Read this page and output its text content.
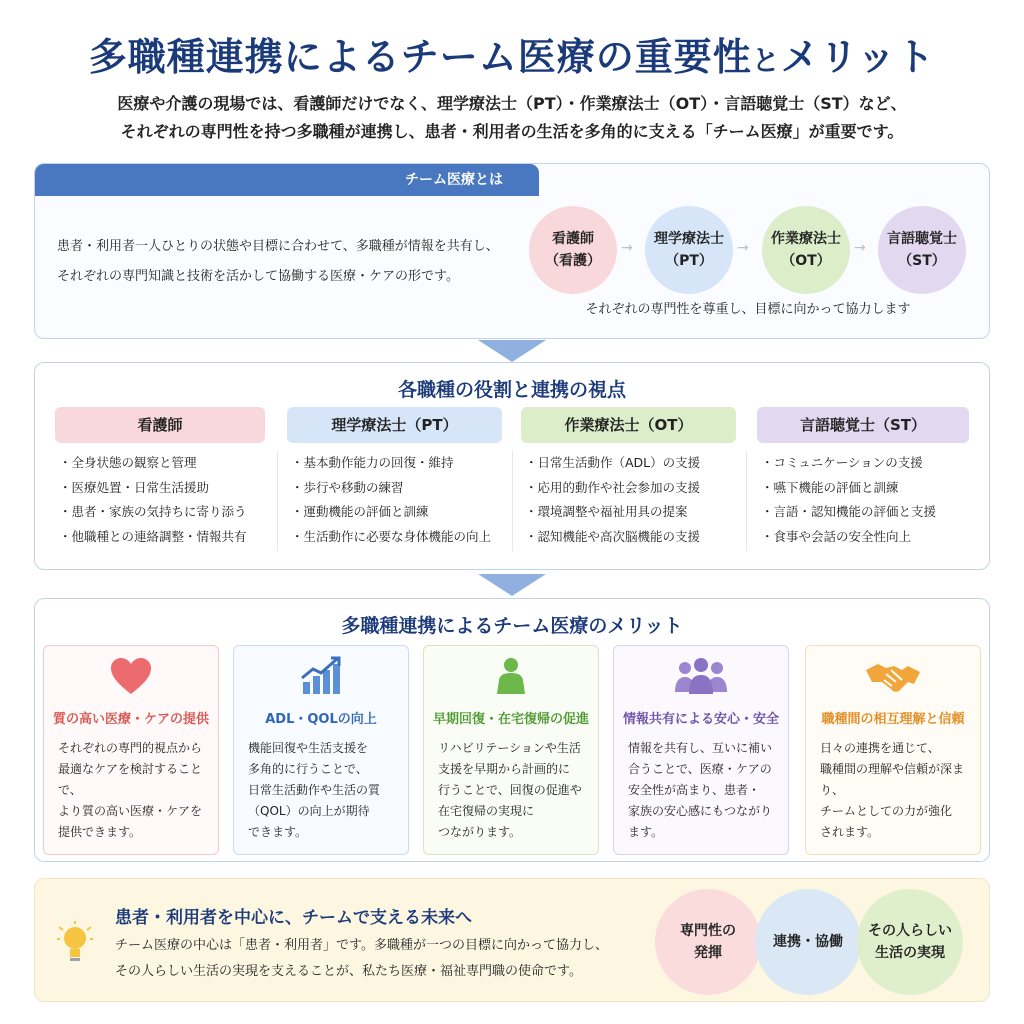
多職種連携によるチーム医療の重要性とメリット
医療や介護の現場では、看護師だけでなく、理学療法士（PT）・作業療法士（OT）・言語聴覚士（ST）など、
それぞれの専門性を持つ多職種が連携し、患者・利用者の生活を多角的に支える「チーム医療」が重要です。
チーム医療とは
患者・利用者一人ひとりの状態や目標に合わせて、多職種が情報を共有し、
それぞれの専門知識と技術を活かして協働する医療・ケアの形です。
看護師
（看護）
→
理学療法士
（PT）
→
作業療法士
（OT）
→
言語聴覚士
（ST）
それぞれの専門性を尊重し、目標に向かって協力します
各職種の役割と連携の視点
看護師
・全身状態の観察と管理
・医療処置・日常生活援助
・患者・家族の気持ちに寄り添う
・他職種との連絡調整・情報共有
理学療法士（PT）
・基本動作能力の回復・維持
・歩行や移動の練習
・運動機能の評価と訓練
・生活動作に必要な身体機能の向上
作業療法士（OT）
・日常生活動作（ADL）の支援
・応用的動作や社会参加の支援
・環境調整や福祉用具の提案
・認知機能や高次脳機能の支援
言語聴覚士（ST）
・コミュニケーションの支援
・嚥下機能の評価と訓練
・言語・認知機能の評価と支援
・食事や会話の安全性向上
多職種連携によるチーム医療のメリット
質の高い医療・ケアの提供
それぞれの専門的視点から
最適なケアを検討することで、
より質の高い医療・ケアを
提供できます。
ADL・QOLの向上
機能回復や生活支援を
多角的に行うことで、
日常生活動作や生活の質
（QOL）の向上が期待
できます。
早期回復・在宅復帰の促進
リハビリテーションや生活
支援を早期から計画的に
行うことで、回復の促進や
在宅復帰の実現に
つながります。
情報共有による安心・安全
情報を共有し、互いに補い
合うことで、医療・ケアの
安全性が高まり、患者・
家族の安心感にもつながり
ます。
職種間の相互理解と信頼
日々の連携を通じて、
職種間の理解や信頼が深まり、
チームとしての力が強化
されます。
患者・利用者を中心に、チームで支える未来へ
チーム医療の中心は「患者・利用者」です。多職種が一つの目標に向かって協力し、
その人らしい生活の実現を支えることが、私たち医療・福祉専門職の使命です。
専門性の
発揮
連携・協働
その人らしい
生活の実現
